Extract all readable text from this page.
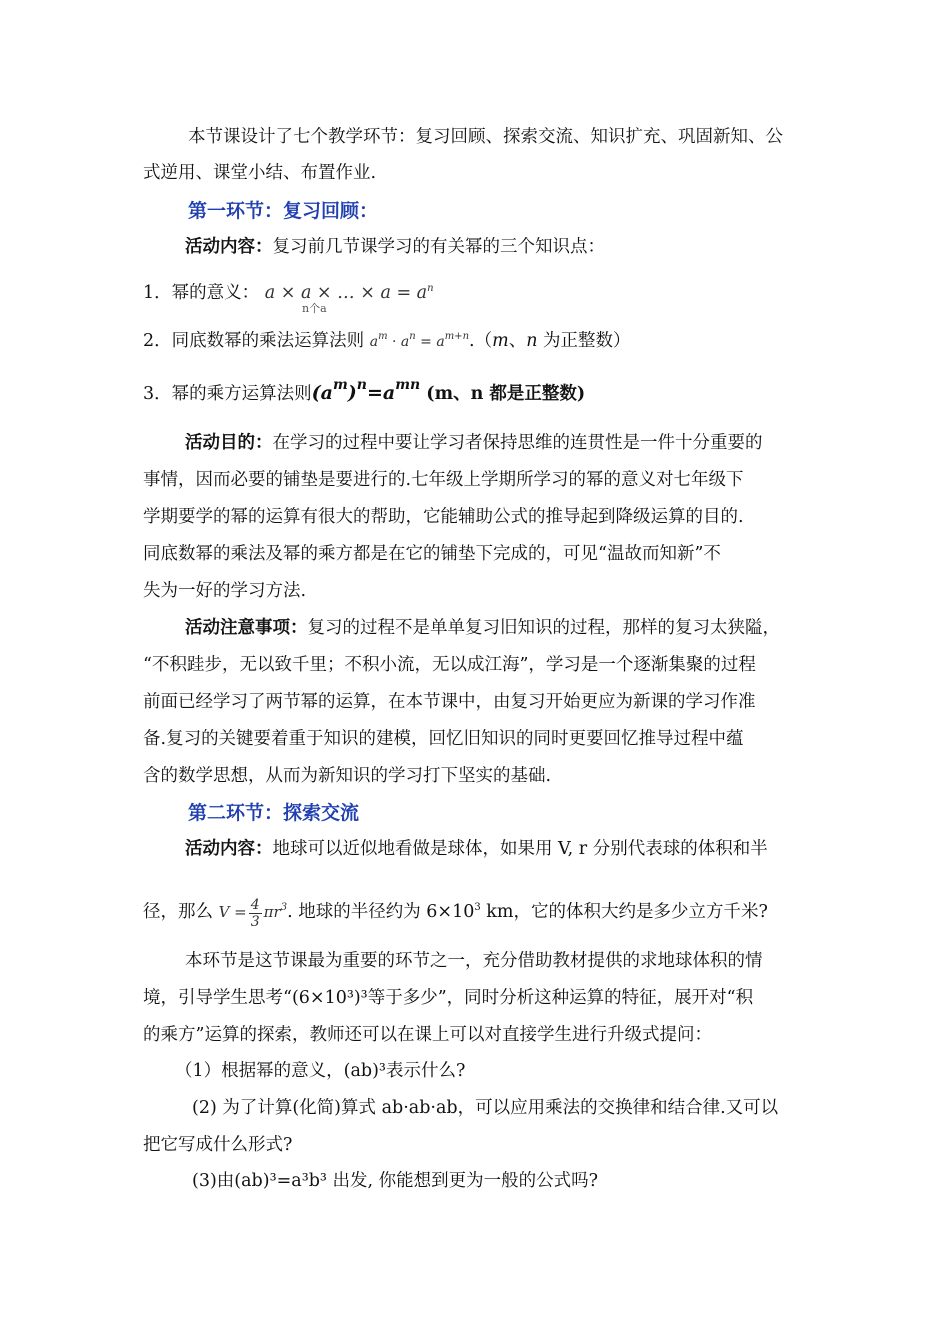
本节课设计了七个教学环节：复习回顾、探索交流、知识扩充、巩固新知、公
式逆用、课堂小结、布置作业.
第一环节：复习回顾：
活动内容：复习前几节课学习的有关幂的三个知识点：
1．幂的意义： a × a × … × $a = a^n$
n个a
2．同底数幂的乘法运算法则 $a^m \cdot a^n = a^{m+n}.(m$、n 为正整数）
3．幂的乘方运算法则$(a^m)^n=a^{mn}$ (m、n 都是正整数)
活动目的：在学习的过程中要让学习者保持思维的连贯性是一件十分重要的
事情，因而必要的铺垫是要进行的.七年级上学期所学习的幂的意义对七年级下
学期要学的幂的运算有很大的帮助，它能辅助公式的推导起到降级运算的目的.
同底数幂的乘法及幂的乘方都是在它的铺垫下完成的，可见“温故而知新”不
失为一好的学习方法.
活动注意事项：复习的过程不是单单复习旧知识的过程，那样的复习太狭隘，
“不积跬步，无以致千里；不积小流，无以成江海”，学习是一个逐渐集聚的过程
前面已经学习了两节幂的运算，在本节课中，由复习开始更应为新课的学习作准
备.复习的关键要着重于知识的建模，回忆旧知识的同时更要回忆推导过程中蕴
含的数学思想，从而为新知识的学习打下坚实的基础.
第二环节：探索交流
活动内容：地球可以近似地看做是球体，如果用 V, r 分别代表球的体积和半
径，那么 $V = \frac{4}{3} \pi r^3$. 地球的半径约为 $6\times 10^3$ km，它的体积大约是多少立方千米?
本环节是这节课最为重要的环节之一，充分借助教材提供的求地球体积的情
境，引导学生思考“(6×10³)³等于多少”，同时分析这种运算的特征，展开对“积
的乘方”运算的探索，教师还可以在课上可以对直接学生进行升级式提问：
（1）根据幂的意义，(ab)³表示什么?
(2) 为了计算(化简)算式 ab·ab·ab，可以应用乘法的交换律和结合律.又可以
把它写成什么形式?
(3)由(ab)³=a³b³ 出发, 你能想到更为一般的公式吗?
